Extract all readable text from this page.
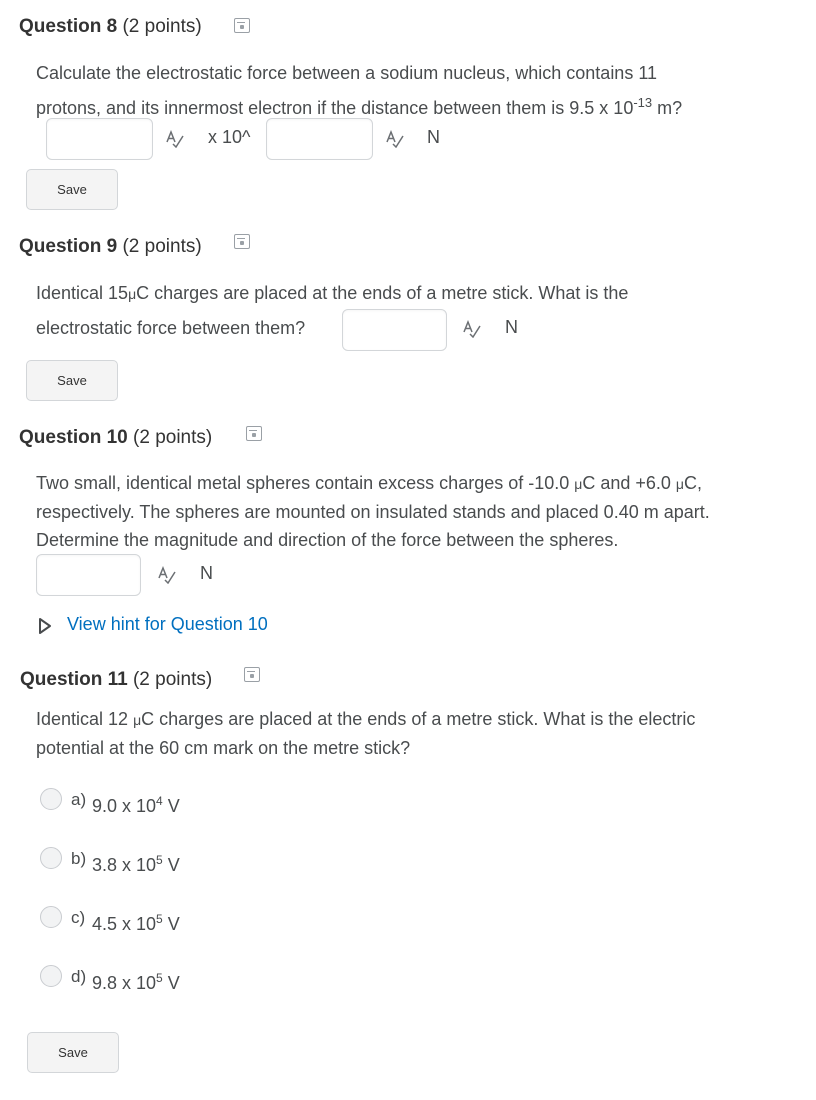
Question 8 (2 points)
Calculate the electrostatic force between a sodium nucleus, which contains 11
protons, and its innermost electron if the distance between them is 9.5 x $10^{-13}$ m?
x 10^	N
Save
Question 9 (2 points)
Identical 15μC charges are placed at the ends of a metre stick. What is the
electrostatic force between them?	N
Save
Question 10 (2 points)
Two small, identical metal spheres contain excess charges of -10.0 μC and +6.0 μC,
respectively. The spheres are mounted on insulated stands and placed 0.40 m apart.
Determine the magnitude and direction of the force between the spheres.
N
View hint for Question 10
Question 11 (2 points)
Identical 12 μC charges are placed at the ends of a metre stick. What is the electric
potential at the 60 cm mark on the metre stick?
a) 9.0 x $10^4$ V
b) 3.8 x $10^5$ V
c) 4.5 x $10^5$ V
d) 9.8 x $10^5$ V
Save
